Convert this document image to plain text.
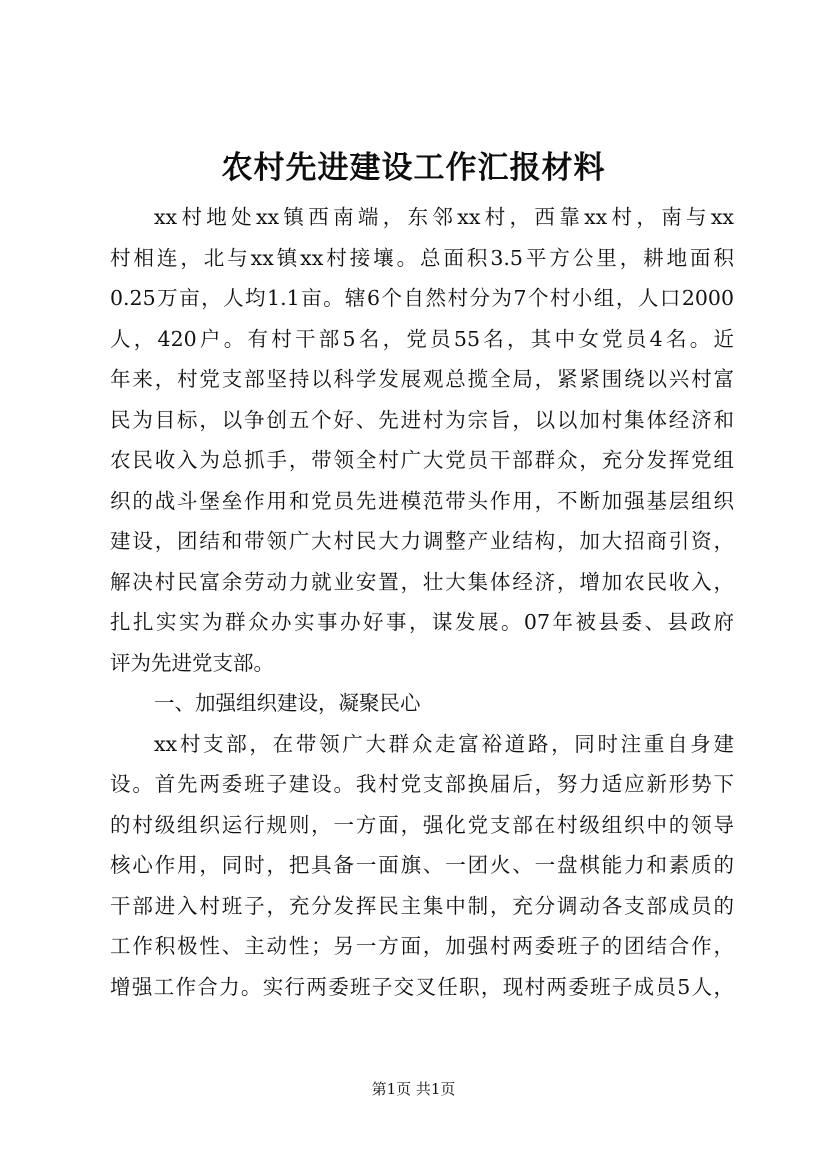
农村先进建设工作汇报材料
xx村地处xx镇西南端，东邻xx村，西靠xx村，南与xx
村相连，北与xx镇xx村接壤。总面积3.5平方公里，耕地面积
0.25万亩，人均1.1亩。辖6个自然村分为7个村小组，人口2000
人，420户。有村干部5名，党员55名，其中女党员4名。近
年来，村党支部坚持以科学发展观总揽全局，紧紧围绕以兴村富
民为目标，以争创五个好、先进村为宗旨，以以加村集体经济和
农民收入为总抓手，带领全村广大党员干部群众，充分发挥党组
织的战斗堡垒作用和党员先进模范带头作用，不断加强基层组织
建设，团结和带领广大村民大力调整产业结构，加大招商引资，
解决村民富余劳动力就业安置，壮大集体经济，增加农民收入，
扎扎实实为群众办实事办好事，谋发展。07年被县委、县政府
评为先进党支部。
一、加强组织建设，凝聚民心
xx村支部，在带领广大群众走富裕道路，同时注重自身建
设。首先两委班子建设。我村党支部换届后，努力适应新形势下
的村级组织运行规则，一方面，强化党支部在村级组织中的领导
核心作用，同时，把具备一面旗、一团火、一盘棋能力和素质的
干部进入村班子，充分发挥民主集中制，充分调动各支部成员的
工作积极性、主动性；另一方面，加强村两委班子的团结合作，
增强工作合力。实行两委班子交叉任职，现村两委班子成员5人，
第1页 共1页
